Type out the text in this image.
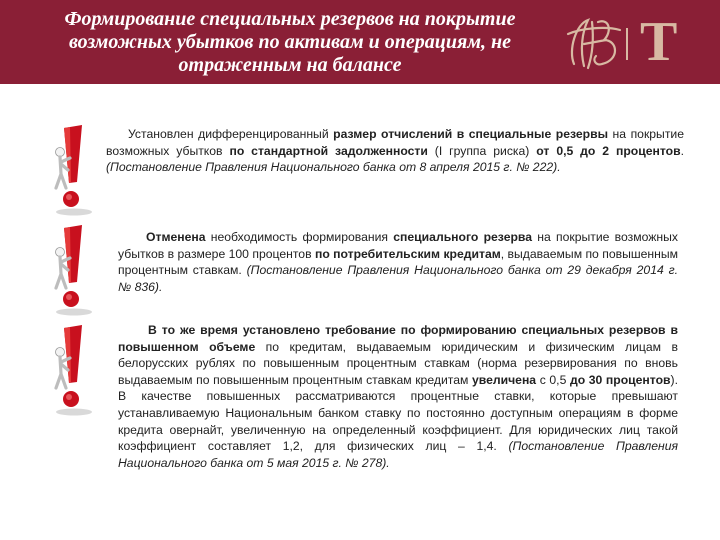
Формирование специальных резервов на покрытие возможных убытков по активам и операциям, не отраженным на балансе	Т

Установлен дифференцированный размер отчислений в специальные резервы на покрытие возможных убытков по стандартной задолженности (I группа риска) от 0,5 до 2 процентов. (Постановление Правления Национального банка от 8 апреля 2015 г. № 222).

Отменена необходимость формирования специального резерва на покрытие возможных убытков в размере 100 процентов по потребительским кредитам, выдаваемым по повышенным процентным ставкам. (Постановление Правления Национального банка от 29 декабря 2014 г. № 836).

В то же время установлено требование по формированию специальных резервов в повышенном объеме по кредитам, выдаваемым юридическим и физическим лицам в белорусских рублях по повышенным процентным ставкам (норма резервирования по вновь выдаваемым по повышенным процентным ставкам кредитам увеличена с 0,5 до 30 процентов). В качестве повышенных рассматриваются процентные ставки, которые превышают устанавливаемую Национальным банком ставку по постоянно доступным операциям в форме кредита овернайт, увеличенную на определенный коэффициент. Для юридических лиц такой коэффициент составляет 1,2, для физических лиц – 1,4. (Постановление Правления Национального банка от 5 мая 2015 г. № 278).
